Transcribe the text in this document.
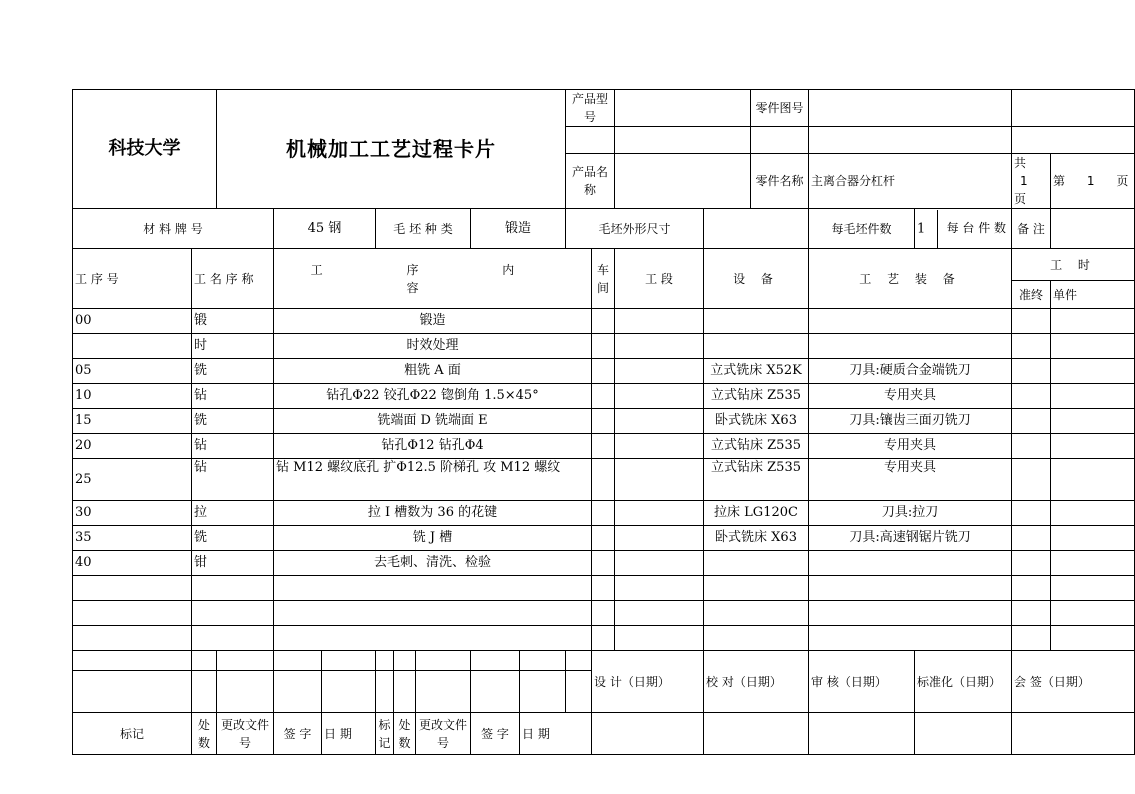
科技大学		机械加工工艺过程卡片								产品型号				零件图号				

										产品名称				零件名称	主离合器分杠杆		共 1 页	第 1 页
材 料 牌 号			45 钢		毛 坯 种 类			锻造		毛坯外形尺寸					每毛坯件数	1 每 台 件 数	备 注	
工 序 号	工 名 序 称		工 序 内 容								车 间	工 段	设 备		工 艺 装 备		工 时	
																	准终	单件
00	锻		锻造															
	时		时效处理															
05	铣		粗铣 A 面										立式铣床 X52K		刀具:硬质合金端铣刀			
10	钻		钻孔Φ22 铰孔Φ22 锪倒角 1.5×45°										立式钻床 Z535		专用夹具			
15	铣		铣端面 D 铣端面 E										卧式铣床 X63		刀具:镶齿三面刃铣刀			
20	钻		钻孔Φ12 钻孔Φ4										立式钻床 Z535		专用夹具			
25	钻		钻 M12 螺纹底孔 扩Φ12.5 阶梯孔 攻 M12 螺纹										立式钻床 Z535		专用夹具			
30	拉		拉 I 槽数为 36 的花键										拉床 LG120C		刀具:拉刀			
35	铣		铣 J 槽										卧式铣床 X63		刀具:高速钢锯片铣刀			
40	钳		去毛刺、清洗、检验															

											设 计（日期）		校 对（日期）		审 核（日期）	标准化（日期）	会 签（日期）	

标记	处数	更改文件号	签 字	日 期	标记	处数	更改文件号	签 字	日 期									
